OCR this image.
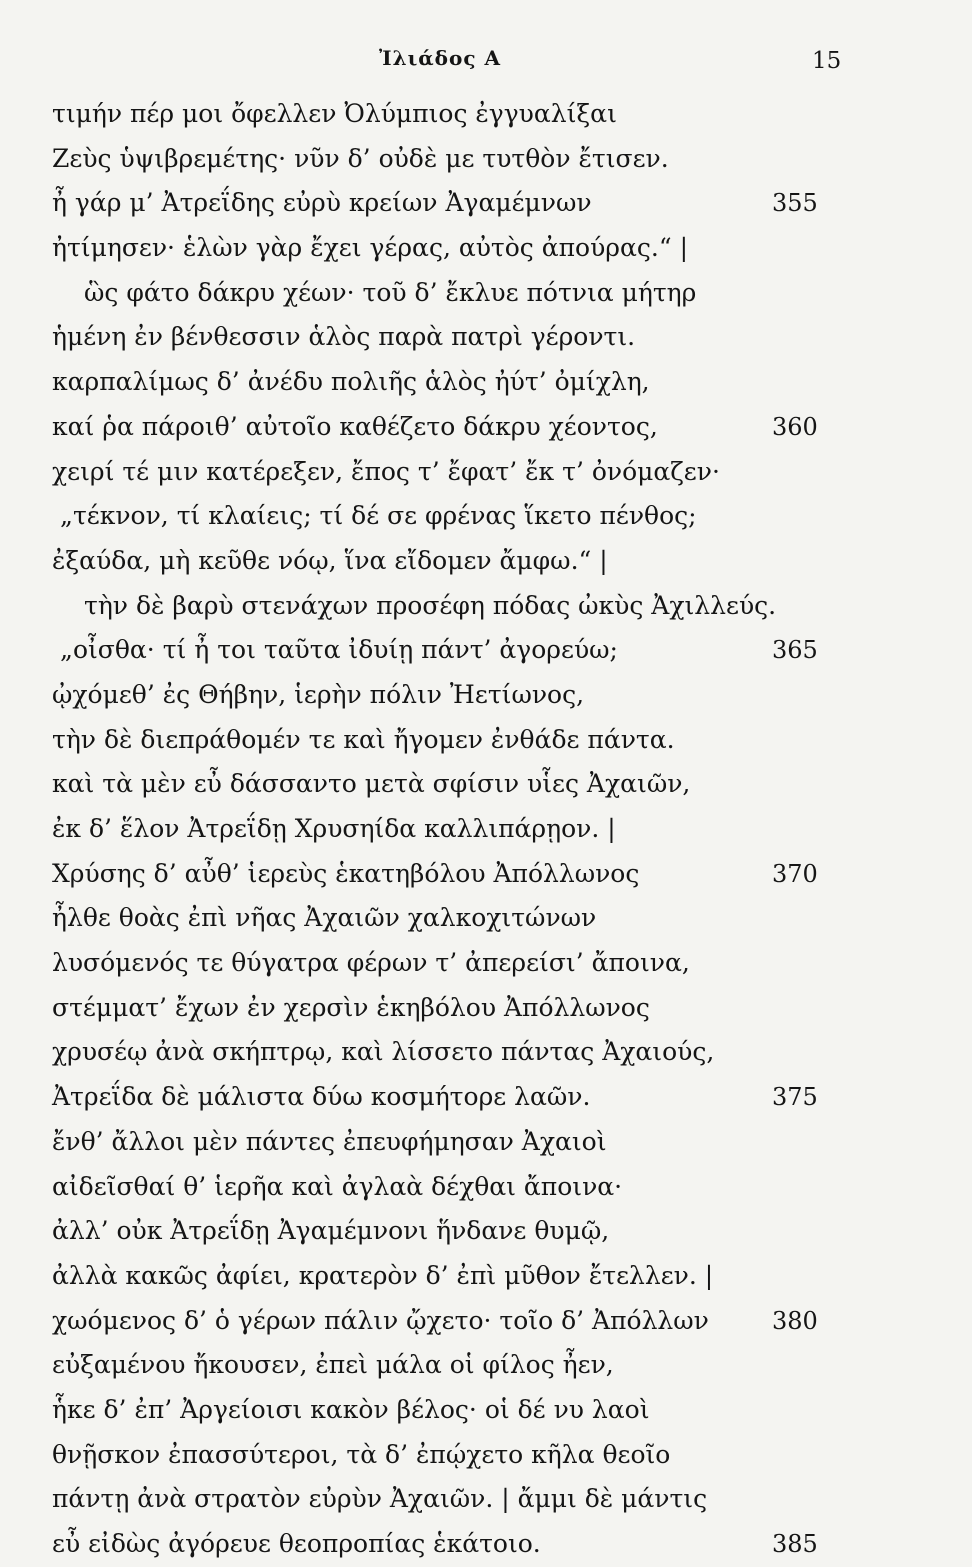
Ἰλιάδος Α	15
τιμήν πέρ μοι ὄφελλεν Ὀλύμπιος ἐγγυαλίξαι
Ζεὺς ὑψιβρεμέτης· νῦν δ’ οὐδὲ με τυτθὸν ἔτισεν.
ἦ γάρ μ’ Ἀτρεΐδης εὐρὺ κρείων Ἀγαμέμνων	355
ἠτίμησεν· ἑλὼν γὰρ ἔχει γέρας, αὐτὸς ἀπούρας.“ |
ὣς φάτο δάκρυ χέων· τοῦ δ’ ἔκλυε πότνια μήτηρ
ἡμένη ἐν βένθεσσιν ἁλὸς παρὰ πατρὶ γέροντι.
καρπαλίμως δ’ ἀνέδυ πολιῆς ἁλὸς ἠύτ’ ὀμίχλη,
καί ῥα πάροιθ’ αὐτοῖο καθέζετο δάκρυ χέοντος,	360
χειρί τέ μιν κατέρεξεν, ἔπος τ’ ἔφατ’ ἔκ τ’ ὀνόμαζεν·
„τέκνον, τί κλαίεις; τί δέ σε φρένας ἵκετο πένθος;
ἐξαύδα, μὴ κεῦθε νόῳ, ἵνα εἴδομεν ἄμφω.“ |
τὴν δὲ βαρὺ στενάχων προσέφη πόδας ὠκὺς Ἀχιλλεύς.
„οἶσθα· τί ἦ τοι ταῦτα ἰδυίῃ πάντ’ ἀγορεύω;	365
ᾠχόμεθ’ ἐς Θήβην, ἱερὴν πόλιν Ἠετίωνος,
τὴν δὲ διεπράθομέν τε καὶ ἤγομεν ἐνθάδε πάντα.
καὶ τὰ μὲν εὖ δάσσαντο μετὰ σφίσιν υἷες Ἀχαιῶν,
ἐκ δ’ ἕλον Ἀτρεΐδῃ Χρυσηίδα καλλιπάρῃον. |
Χρύσης δ’ αὖθ’ ἱερεὺς ἑκατηβόλου Ἀπόλλωνος	370
ἦλθε θοὰς ἐπὶ νῆας Ἀχαιῶν χαλκοχιτώνων
λυσόμενός τε θύγατρα φέρων τ’ ἀπερείσι’ ἄποινα,
στέμματ’ ἔχων ἐν χερσὶν ἑκηβόλου Ἀπόλλωνος
χρυσέῳ ἀνὰ σκήπτρῳ, καὶ λίσσετο πάντας Ἀχαιούς,
Ἀτρεΐδα δὲ μάλιστα δύω κοσμήτορε λαῶν.	375
ἔνθ’ ἄλλοι μὲν πάντες ἐπευφήμησαν Ἀχαιοὶ
αἰδεῖσθαί θ’ ἱερῆα καὶ ἀγλαὰ δέχθαι ἄποινα·
ἀλλ’ οὐκ Ἀτρεΐδῃ Ἀγαμέμνονι ἥνδανε θυμῷ,
ἀλλὰ κακῶς ἀφίει, κρατερὸν δ’ ἐπὶ μῦθον ἔτελλεν. |
χωόμενος δ’ ὁ γέρων πάλιν ᾤχετο· τοῖο δ’ Ἀπόλλων	380
εὐξαμένου ἤκουσεν, ἐπεὶ μάλα οἱ φίλος ἦεν,
ἧκε δ’ ἐπ’ Ἀργείοισι κακὸν βέλος· οἱ δέ νυ λαοὶ
θνῇσκον ἐπασσύτεροι, τὰ δ’ ἐπῴχετο κῆλα θεοῖο
πάντῃ ἀνὰ στρατὸν εὐρὺν Ἀχαιῶν. | ἄμμι δὲ μάντις
εὖ εἰδὼς ἀγόρευε θεοπροπίας ἑκάτοιο.	385
